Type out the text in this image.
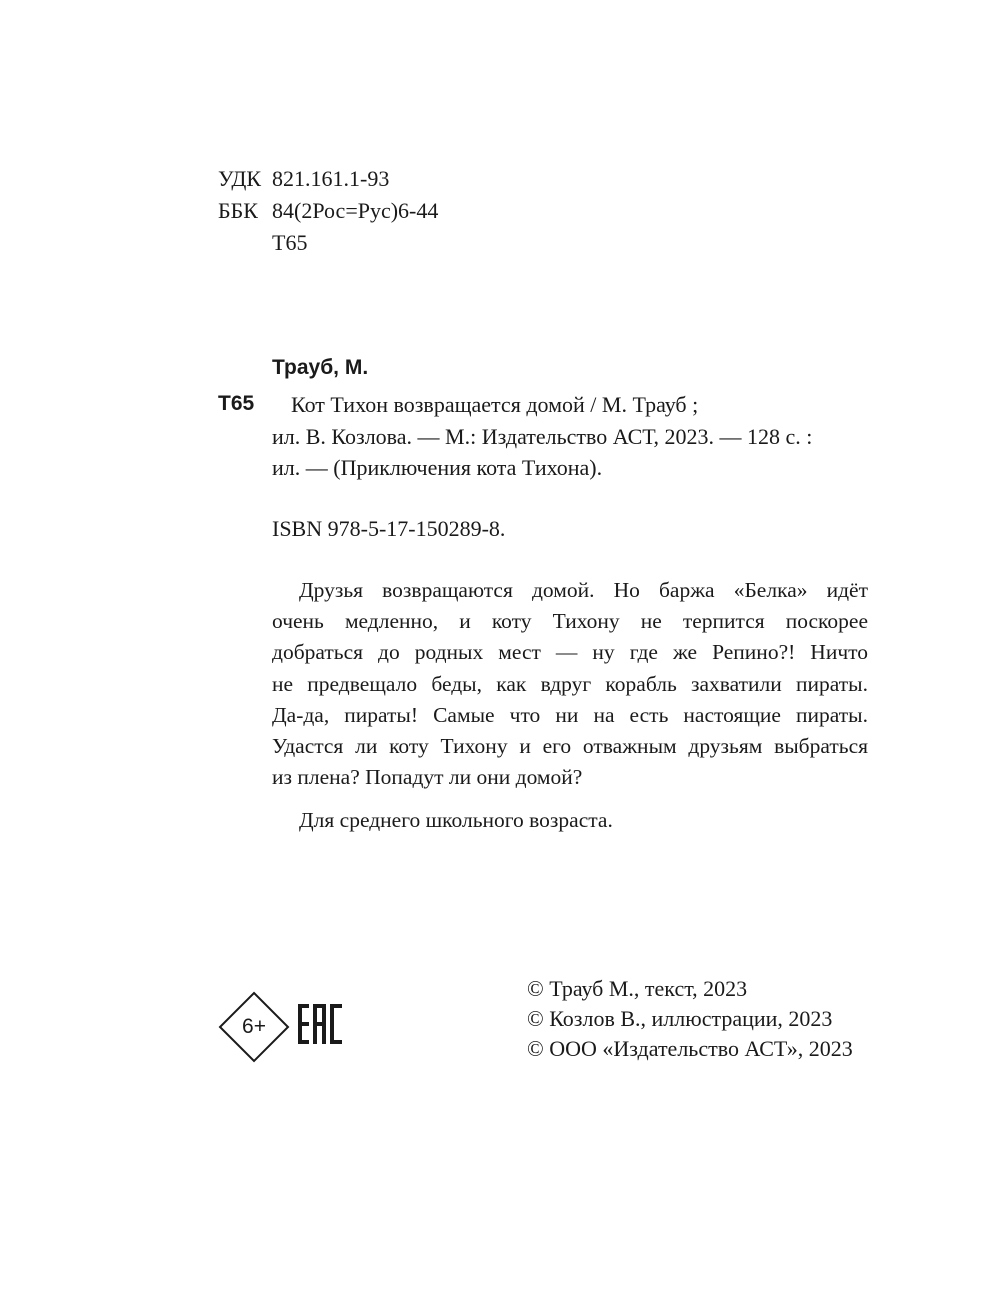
УДК 821.161.1-93
ББК 84(2Рос=Рус)6-44
Т65
Трауб, М.
Т65 Кот Тихон возвращается домой / М. Трауб ;
ил. В. Козлова. — М.: Издательство АСТ, 2023. — 128 с. :
ил. — (Приключения кота Тихона).
ISBN 978-5-17-150289-8.
Друзья возвращаются домой. Но баржа «Белка» идёт
очень медленно, и коту Тихону не терпится поскорее
добраться до родных мест — ну где же Репино?! Ничто
не предвещало беды, как вдруг корабль захватили пираты.
Да-да, пираты! Самые что ни на есть настоящие пираты.
Удастся ли коту Тихону и его отважным друзьям выбраться
из плена? Попадут ли они домой?
Для среднего школьного возраста.
6+
© Трауб М., текст, 2023
© Козлов В., иллюстрации, 2023
© ООО «Издательство АСТ», 2023
